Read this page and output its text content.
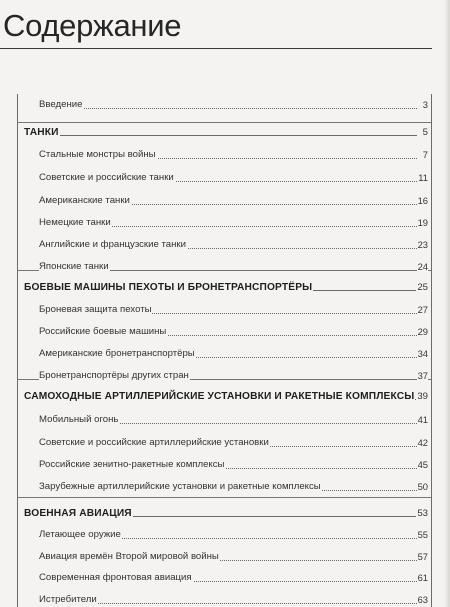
Содержание
Введение	3
ТАНКИ	5
Стальные монстры войны	7
Советские и российские танки	11
Американские танки	16
Немецкие танки	19
Английские и французские танки	23
Японские танки	24
БОЕВЫЕ МАШИНЫ ПЕХОТЫ И БРОНЕТРАНСПОРТЁРЫ	25
Броневая защита пехоты	27
Российские боевые машины	29
Американские бронетранспортёры	34
Бронетранспортёры других стран	37
САМОХОДНЫЕ АРТИЛЛЕРИЙСКИЕ УСТАНОВКИ И РАКЕТНЫЕ КОМПЛЕКСЫ 39
Мобильный огонь	41
Советские и российские артиллерийские установки	42
Российские зенитно-ракетные комплексы	45
Зарубежные артиллерийские установки и ракетные комплексы	50
ВОЕННАЯ АВИАЦИЯ	53
Летающее оружие	55
Авиация времён Второй мировой войны	57
Современная фронтовая авиация	61
Истребители	63
